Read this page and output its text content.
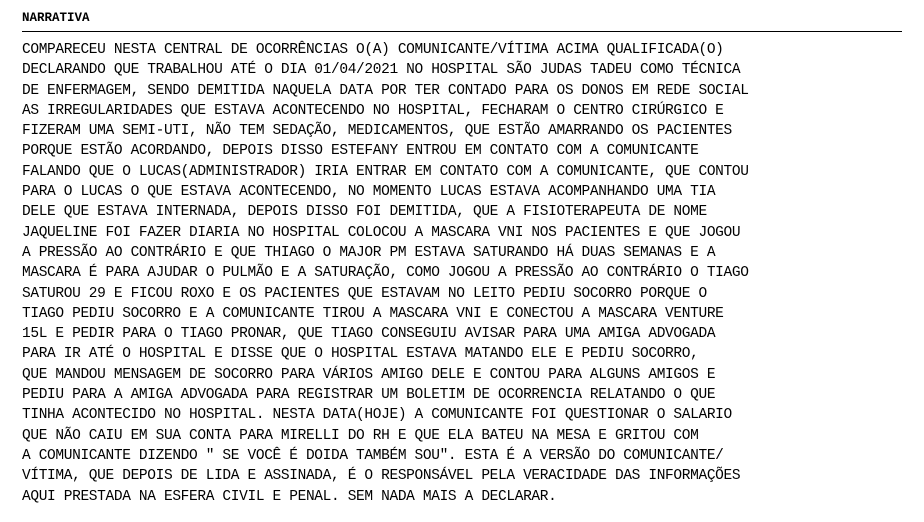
NARRATIVA
COMPARECEU NESTA CENTRAL DE OCORRÊNCIAS O(A) COMUNICANTE/VÍTIMA ACIMA QUALIFICADA(O)
DECLARANDO QUE TRABALHOU ATÉ O DIA 01/04/2021 NO HOSPITAL SÃO JUDAS TADEU COMO TÉCNICA
DE ENFERMAGEM, SENDO DEMITIDA NAQUELA DATA POR TER CONTADO PARA OS DONOS EM REDE SOCIAL
AS IRREGULARIDADES QUE ESTAVA ACONTECENDO NO HOSPITAL, FECHARAM O CENTRO CIRÚRGICO E
FIZERAM UMA SEMI-UTI, NÃO TEM SEDAÇÃO, MEDICAMENTOS, QUE ESTÃO AMARRANDO OS PACIENTES
PORQUE ESTÃO ACORDANDO, DEPOIS DISSO ESTEFANY ENTROU EM CONTATO COM A COMUNICANTE
FALANDO QUE O LUCAS(ADMINISTRADOR) IRIA ENTRAR EM CONTATO COM A COMUNICANTE, QUE CONTOU
PARA O LUCAS O QUE ESTAVA ACONTECENDO, NO MOMENTO LUCAS ESTAVA ACOMPANHANDO UMA TIA
DELE QUE ESTAVA INTERNADA, DEPOIS DISSO FOI DEMITIDA, QUE A FISIOTERAPEUTA DE NOME
JAQUELINE FOI FAZER DIARIA NO HOSPITAL COLOCOU A MASCARA VNI NOS PACIENTES E QUE JOGOU
A PRESSÃO AO CONTRÁRIO E QUE THIAGO O MAJOR PM ESTAVA SATURANDO HÁ DUAS SEMANAS E A
MASCARA É PARA AJUDAR O PULMÃO E A SATURAÇÃO, COMO JOGOU A PRESSÃO AO CONTRÁRIO O TIAGO
SATUROU 29 E FICOU ROXO E OS PACIENTES QUE ESTAVAM NO LEITO PEDIU SOCORRO PORQUE O
TIAGO PEDIU SOCORRO E A COMUNICANTE TIROU A MASCARA VNI E CONECTOU A MASCARA VENTURE
15L E PEDIR PARA O TIAGO PRONAR, QUE TIAGO CONSEGUIU AVISAR PARA UMA AMIGA ADVOGADA
PARA IR ATÉ O HOSPITAL E DISSE QUE O HOSPITAL ESTAVA MATANDO ELE E PEDIU SOCORRO,
QUE MANDOU MENSAGEM DE SOCORRO PARA VÁRIOS AMIGO DELE E CONTOU PARA ALGUNS AMIGOS E
PEDIU PARA A AMIGA ADVOGADA PARA REGISTRAR UM BOLETIM DE OCORRENCIA RELATANDO O QUE
TINHA ACONTECIDO NO HOSPITAL. NESTA DATA(HOJE) A COMUNICANTE FOI QUESTIONAR O SALARIO
QUE NÃO CAIU EM SUA CONTA PARA MIRELLI DO RH E QUE ELA BATEU NA MESA E GRITOU COM
A COMUNICANTE DIZENDO " SE VOCÊ É DOIDA TAMBÉM SOU". ESTA É A VERSÃO DO COMUNICANTE/
VÍTIMA, QUE DEPOIS DE LIDA E ASSINADA, É O RESPONSÁVEL PELA VERACIDADE DAS INFORMAÇÕES
AQUI PRESTADA NA ESFERA CIVIL E PENAL. SEM NADA MAIS A DECLARAR.
